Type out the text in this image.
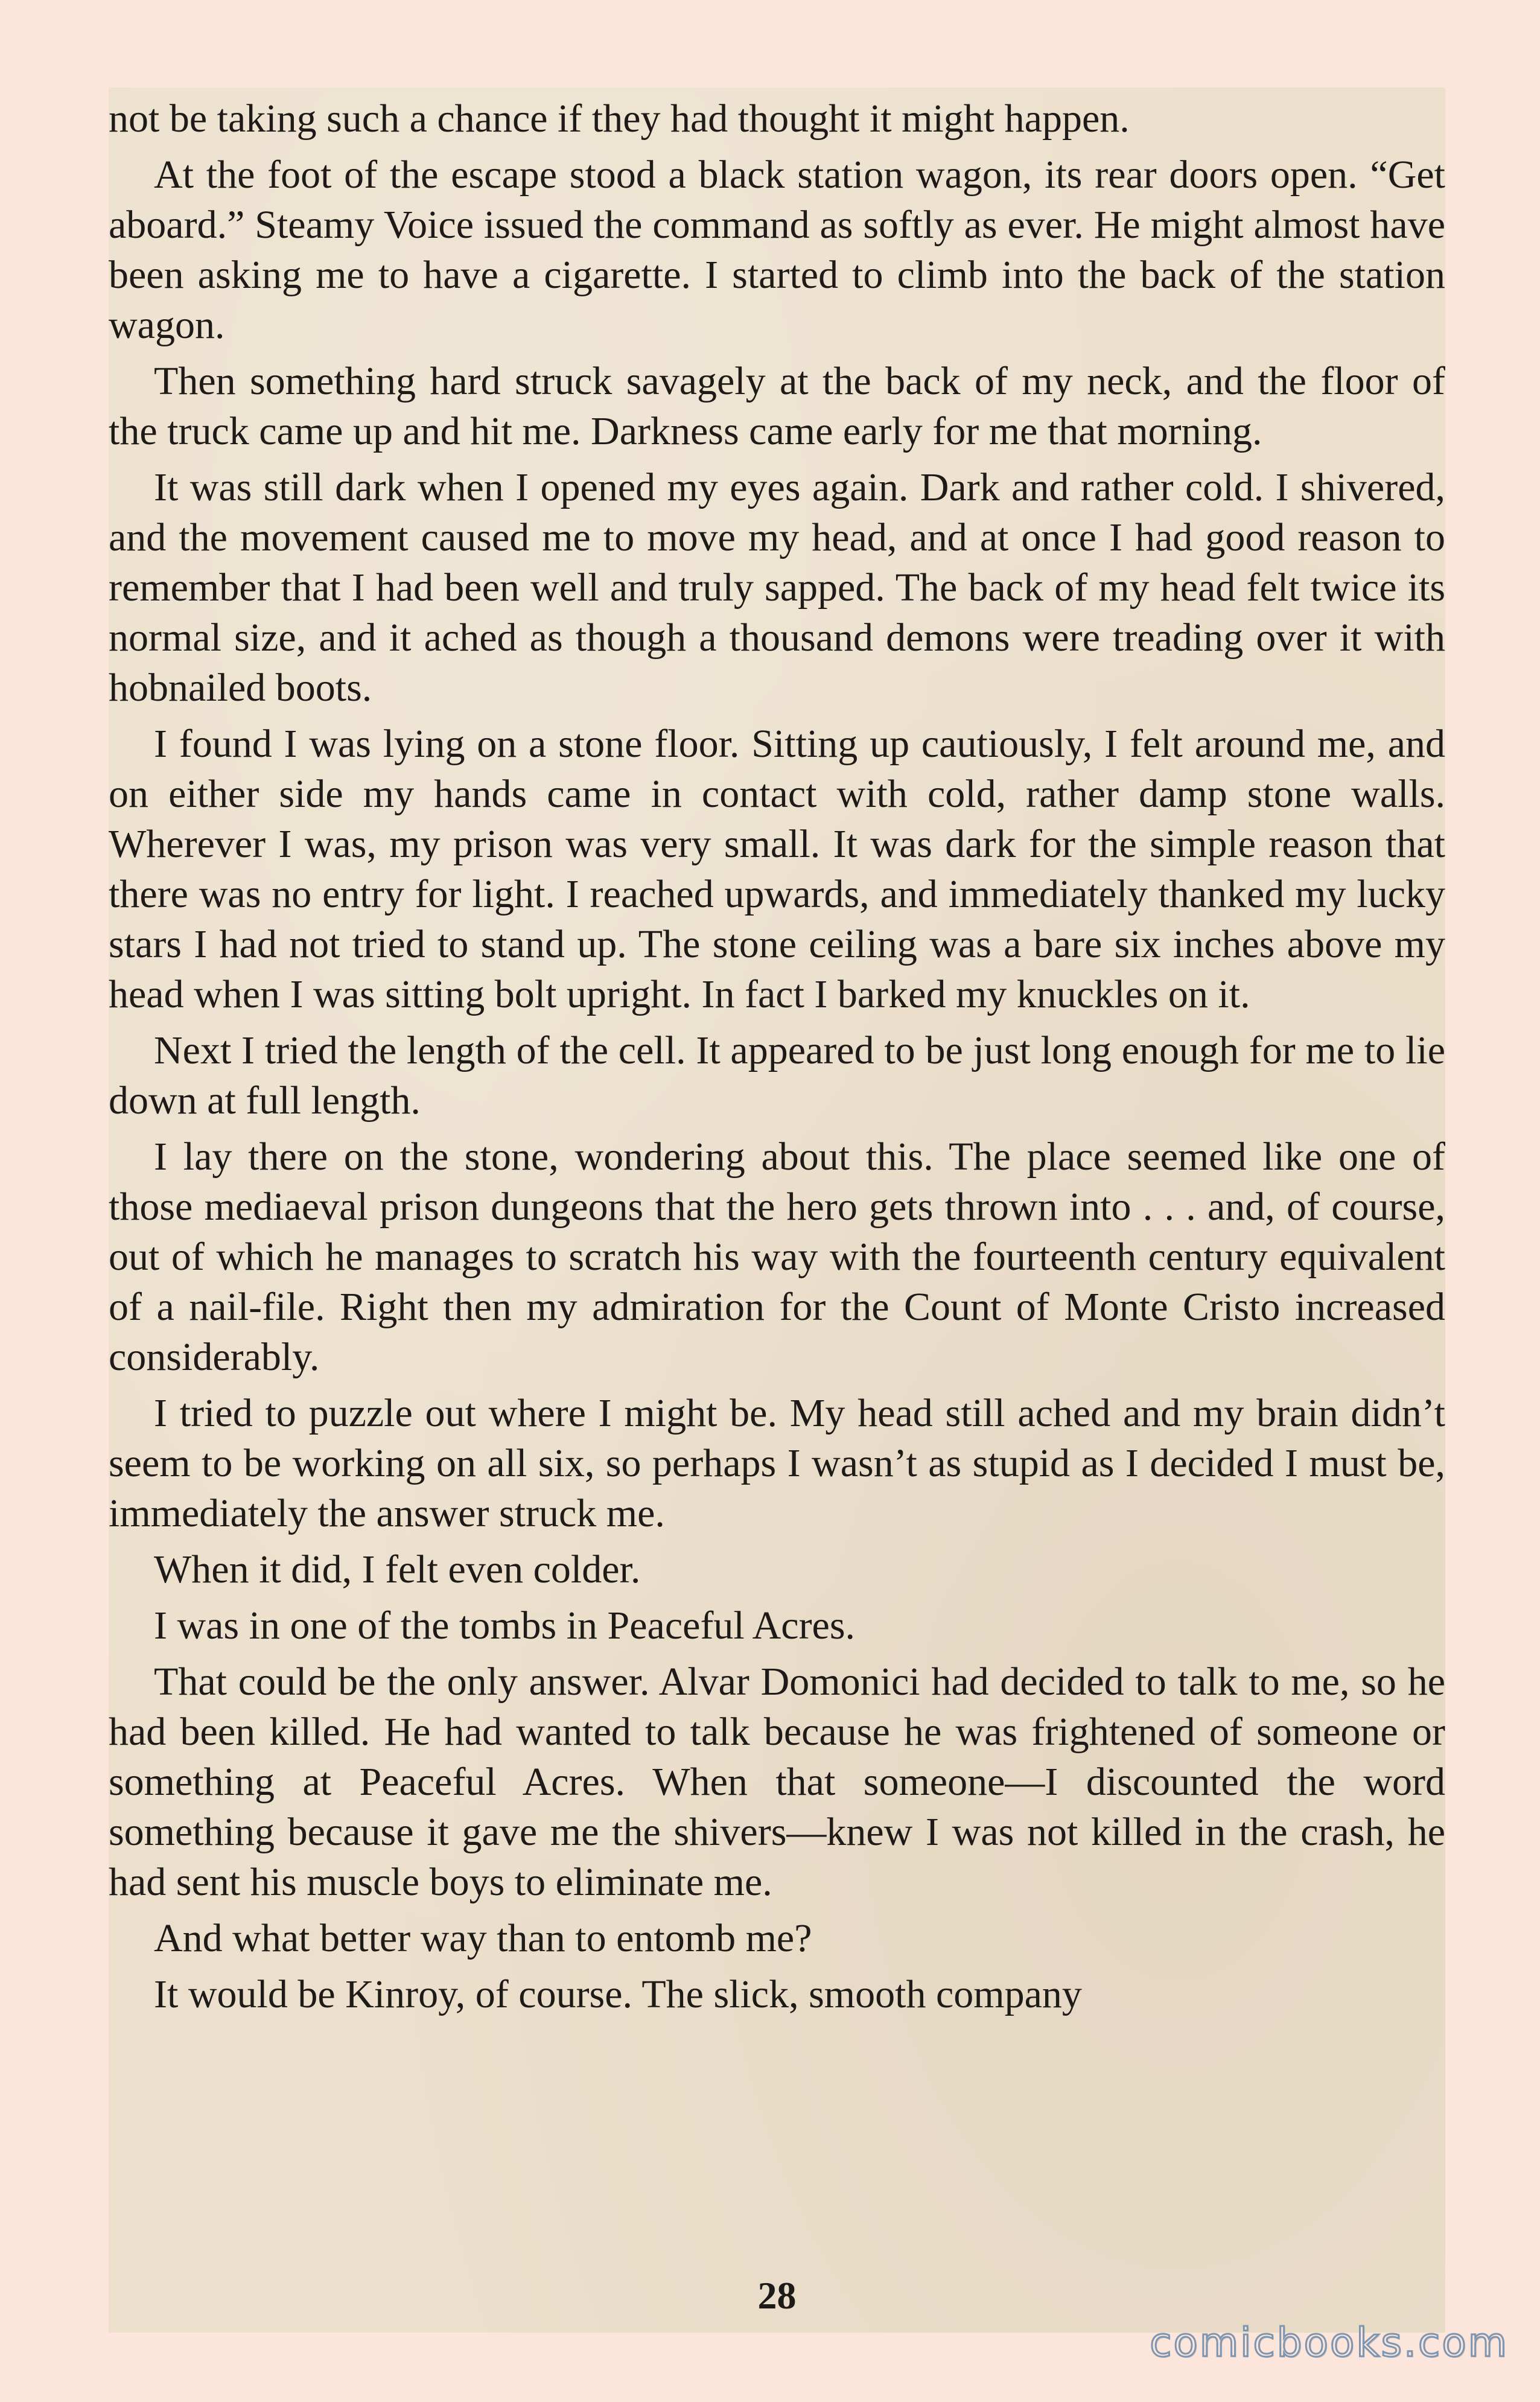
not be taking such a chance if they had thought it might happen.

At the foot of the escape stood a black station wagon, its rear doors open. “Get aboard.” Steamy Voice issued the command as softly as ever. He might almost have been asking me to have a cigarette. I started to climb into the back of the station wagon.

Then something hard struck savagely at the back of my neck, and the floor of the truck came up and hit me. Darkness came early for me that morning.

It was still dark when I opened my eyes again. Dark and rather cold. I shivered, and the movement caused me to move my head, and at once I had good reason to remember that I had been well and truly sapped. The back of my head felt twice its normal size, and it ached as though a thousand demons were treading over it with hobnailed boots.

I found I was lying on a stone floor. Sitting up cautiously, I felt around me, and on either side my hands came in contact with cold, rather damp stone walls. Wherever I was, my prison was very small. It was dark for the simple reason that there was no entry for light. I reached upwards, and immediately thanked my lucky stars I had not tried to stand up. The stone ceiling was a bare six inches above my head when I was sitting bolt upright. In fact I barked my knuckles on it.

Next I tried the length of the cell. It appeared to be just long enough for me to lie down at full length.

I lay there on the stone, wondering about this. The place seemed like one of those mediaeval prison dungeons that the hero gets thrown into . . . and, of course, out of which he manages to scratch his way with the fourteenth century equivalent of a nail-file. Right then my admiration for the Count of Monte Cristo increased considerably.

I tried to puzzle out where I might be. My head still ached and my brain didn’t seem to be working on all six, so perhaps I wasn’t as stupid as I decided I must be, immediately the answer struck me.

When it did, I felt even colder.

I was in one of the tombs in Peaceful Acres.

That could be the only answer. Alvar Domonici had decided to talk to me, so he had been killed. He had wanted to talk because he was frightened of someone or something at Peaceful Acres. When that someone—I discounted the word something because it gave me the shivers—knew I was not killed in the crash, he had sent his muscle boys to eliminate me.

And what better way than to entomb me?

It would be Kinroy, of course. The slick, smooth company

28
comicbooks.com
